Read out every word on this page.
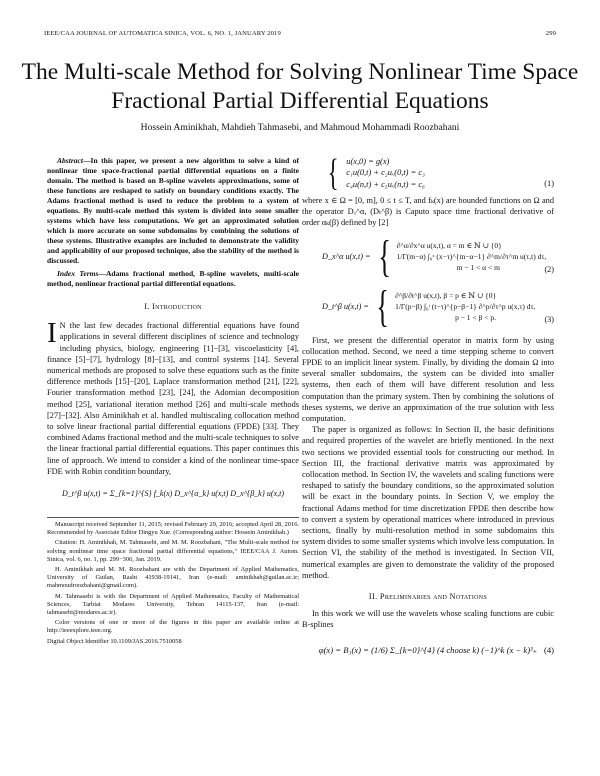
IEEE/CAA JOURNAL OF AUTOMATICA SINICA, VOL. 6, NO. 1, JANUARY 2019	299
The Multi-scale Method for Solving Nonlinear Time Space Fractional Partial Differential Equations
Hossein Aminikhah, Mahdieh Tahmasebi, and Mahmoud Mohammadi Roozbahani

Abstract—In this paper, we present a new algorithm to solve a kind of nonlinear time space-fractional partial differential equations on a finite domain. The method is based on B-spline wavelets approximations, some of these functions are reshaped to satisfy on boundary conditions exactly. The Adams fractional method is used to reduce the problem to a system of equations. By multi-scale method this system is divided into some smaller systems which have less computations. We get an approximated solution which is more accurate on some subdomains by combining the solutions of these systems. Illustrative examples are included to demonstrate the validity and applicability of our proposed technique, also the stability of the method is discussed.

Index Terms—Adams fractional method, B-spline wavelets, multi-scale method, nonlinear fractional partial differential equations.

I. Introduction

I N the last few decades fractional differential equations have found applications in several different disciplines of science and technology including physics, biology, engineering [1]−[3], viscoelasticity [4], finance [5]−[7], hydrology [8]−[13], and control systems [14]. Several numerical methods are proposed to solve these equations such as the finite difference methods [15]−[20], Laplace transformation method [21], [22], Fourier transformation method [23], [24], the Adomian decomposition method [25], variational iteration method [26] and multi-scale methods [27]−[32]. Also Aminikhah et al. handled multiscaling collocation method to solve linear fractional partial differential equations (FPDE) [33]. They combined Adams fractional method and the multi-scale techniques to solve the linear fractional partial differential equations. This paper continues this line of approach. We intend to consider a kind of the nonlinear time-space FDE with Robin condition boundary,

D_t^β u(x,t) = Σ_{k=1}^{S} f_k(x) D_x^{α_k} u(x,t) D_x^{β_k} u(x,t)

Manuscript received September 11, 2015; revised February 29, 2016; accepted April 28, 2016. Recommended by Associate Editor Dingyu Xue. (Corresponding author: Hossein Aminikhah.)

Citation: H. Aminikhah, M. Tahmasebi, and M. M. Roozbahani, "The Multi-scale method for solving nonlinear time space fractional partial differential equations," IEEE/CAA J. Autom. Sinica, vol. 6, no. 1, pp. 299−306, Jan. 2019.

H. Aminikhah and M. M. Roozbahani are with the Department of Applied Mathematics, University of Guilan, Rasht 41938-19141, Iran (e-mail: aminikhah@guilan.ac.ir; mahmoudroozbahani@gmail.com).

M. Tahmasebi is with the Department of Applied Mathematics, Faculty of Mathematical Sciences, Tarbiat Modares University, Tehran 14115-137, Iran (e-mail: tahmasebi@modares.ac.ir).

Color versions of one or more of the figures in this paper are available online at http://ieeexplore.ieee.org.

Digital Object Identifier 10.1109/JAS.2016.7510058

{ u(x,0) = g(x)
c₁u(0,t) + c₂uₓ(0,t) = c₃
c₄u(n,t) + c₅uₓ(n,t) = c₆	(1)

where x ∈ Ω = [0, m], 0 ≤ t ≤ T, and fₖ(x) are bounded functions on Ω and the operator Dₓ^α, (Dₜ^β) is Caputo space time fractional derivative of order αₖ(β) defined by [2]

D_x^α u(x,t) = { ∂^α/∂x^α u(x,t), α = m ∈ ℕ ∪ {0}
1/Γ(m−α) ∫₀ˣ (x−τ)^{m−α−1} ∂^m/∂τ^m u(τ,t) dτ,
m − 1 < α < m	(2)
D_t^β u(x,t) = { ∂^β/∂t^β u(x,t), β = p ∈ ℕ ∪ {0}
1/Γ(p−β) ∫₀ᵗ (t−τ)^{p−β−1} ∂^p/∂τ^p u(x,τ) dτ,
p − 1 < β < p.	(3)

First, we present the differential operator in matrix form by using collocation method. Second, we need a time stepping scheme to convert FPDE to an implicit linear system. Finally, by dividing the domain Ω into several smaller subdomains, the system can be divided into smaller systems, then each of them will have different resolution and less computation than the primary system. Then by combining the solutions of theses systems, we derive an approximation of the true solution with less computation.

The paper is organized as follows: In Section II, the basic definitions and required properties of the wavelet are briefly mentioned. In the next two sections we provided essential tools for constructing our method. In Section III, the fractional derivative matrix was approximated by collocation method. In Section IV, the wavelets and scaling functions were reshaped to satisfy the boundary conditions, so the approximated solution will be exact in the boundary points. In Section V, we employ the fractional Adams method for time discretization FPDE then describe how to convert a system by operational matrices where introduced in previous sections, finally by multi-resolution method in some subdomains this system divides to some smaller systems which involve less computation. In Section VI, the stability of the method is investigated. In Section VII, numerical examples are given to demonstrate the validity of the proposed method.

II. Preliminaries and Notations

In this work we will use the wavelets whose scaling functions are cubic B-splines

φ(x) = B₃(x) = (1/6) Σ_{k=0}^{4} (4 choose k) (−1)^k (x − k)³₊ (4)
